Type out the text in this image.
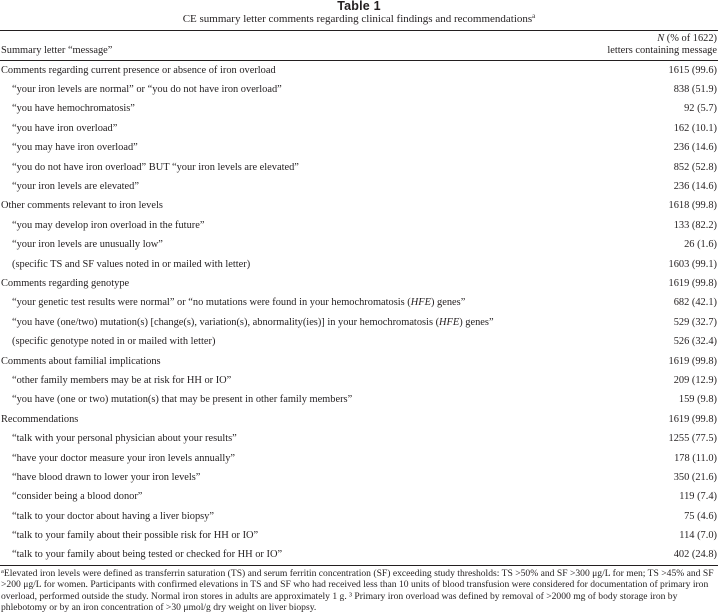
Table 1
CE summary letter comments regarding clinical findings and recommendations$^a$
Summary letter “message”	N (% of 1622)
letters containing message
Comments regarding current presence or absence of iron overload	1615 (99.6)
“your iron levels are normal” or “you do not have iron overload”	838 (51.9)
“you have hemochromatosis”	92 (5.7)
“you have iron overload”	162 (10.1)
“you may have iron overload”	236 (14.6)
“you do not have iron overload” BUT “your iron levels are elevated”	852 (52.8)
“your iron levels are elevated”	236 (14.6)
Other comments relevant to iron levels	1618 (99.8)
“you may develop iron overload in the future”	133 (82.2)
“your iron levels are unusually low”	26 (1.6)
(specific TS and SF values noted in or mailed with letter)	1603 (99.1)
Comments regarding genotype	1619 (99.8)
“your genetic test results were normal” or “no mutations were found in your hemochromatosis (HFE) genes”	682 (42.1)
“you have (one/two) mutation(s) [change(s), variation(s), abnormality(ies)] in your hemochromatosis (HFE) genes”	529 (32.7)
(specific genotype noted in or mailed with letter)	526 (32.4)
Comments about familial implications	1619 (99.8)
“other family members may be at risk for HH or IO”	209 (12.9)
“you have (one or two) mutation(s) that may be present in other family members”	159 (9.8)
Recommendations	1619 (99.8)
“talk with your personal physician about your results”	1255 (77.5)
“have your doctor measure your iron levels annually”	178 (11.0)
“have blood drawn to lower your iron levels”	350 (21.6)
“consider being a blood donor”	119 (7.4)
“talk to your doctor about having a liver biopsy”	75 (4.6)
“talk to your family about their possible risk for HH or IO”	114 (7.0)
“talk to your family about being tested or checked for HH or IO”	402 (24.8)
$^a$Elevated iron levels were defined as transferrin saturation (TS) and serum ferritin concentration (SF) exceeding study thresholds: TS >50% and SF >300 μg/L for men; TS >45% and SF >200 μg/L for women. Participants with confirmed elevations in TS and SF who had received less than 10 units of blood transfusion were considered for documentation of primary iron overload, performed outside the study. Normal iron stores in adults are approximately 1 g. ³ Primary iron overload was defined by removal of >2000 mg of body storage iron by phlebotomy or by an iron concentration of >30 μmol/g dry weight on liver biopsy.
